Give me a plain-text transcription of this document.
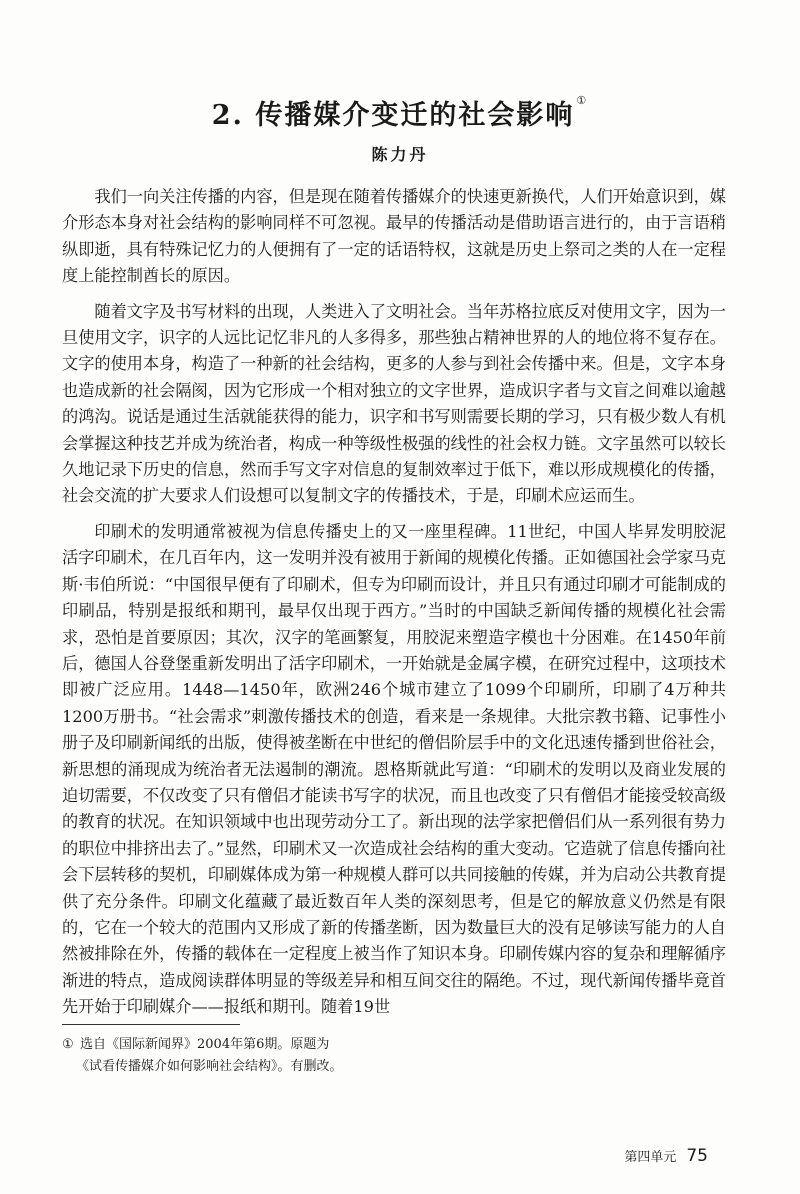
2. 传播媒介变迁的社会影响 ①
陈力丹

我们一向关注传播的内容，但是现在随着传播媒介的快速更新换代，人们开始意识到，媒介形态本身对社会结构的影响同样不可忽视。最早的传播活动是借助语言进行的，由于言语稍纵即逝，具有特殊记忆力的人便拥有了一定的话语特权，这就是历史上祭司之类的人在一定程度上能控制酋长的原因。

随着文字及书写材料的出现，人类进入了文明社会。当年苏格拉底反对使用文字，因为一旦使用文字，识字的人远比记忆非凡的人多得多，那些独占精神世界的人的地位将不复存在。文字的使用本身，构造了一种新的社会结构，更多的人参与到社会传播中来。但是，文字本身也造成新的社会隔阂，因为它形成一个相对独立的文字世界，造成识字者与文盲之间难以逾越的鸿沟。说话是通过生活就能获得的能力，识字和书写则需要长期的学习，只有极少数人有机会掌握这种技艺并成为统治者，构成一种等级性极强的线性的社会权力链。文字虽然可以较长久地记录下历史的信息，然而手写文字对信息的复制效率过于低下，难以形成规模化的传播，社会交流的扩大要求人们设想可以复制文字的传播技术，于是，印刷术应运而生。

印刷术的发明通常被视为信息传播史上的又一座里程碑。11世纪，中国人毕昇发明胶泥活字印刷术，在几百年内，这一发明并没有被用于新闻的规模化传播。正如德国社会学家马克斯·韦伯所说：“中国很早便有了印刷术，但专为印刷而设计，并且只有通过印刷才可能制成的印刷品，特别是报纸和期刊，最早仅出现于西方。”当时的中国缺乏新闻传播的规模化社会需求，恐怕是首要原因；其次，汉字的笔画繁复，用胶泥来塑造字模也十分困难。在1450年前后，德国人谷登堡重新发明出了活字印刷术，一开始就是金属字模，在研究过程中，这项技术即被广泛应用。1448—1450年，欧洲246个城市建立了1099个印刷所，印刷了4万种共1200万册书。“社会需求”刺激传播技术的创造，看来是一条规律。大批宗教书籍、记事性小册子及印刷新闻纸的出版，使得被垄断在中世纪的僧侣阶层手中的文化迅速传播到世俗社会，新思想的涌现成为统治者无法遏制的潮流。恩格斯就此写道：“印刷术的发明以及商业发展的迫切需要，不仅改变了只有僧侣才能读书写字的状况，而且也改变了只有僧侣才能接受较高级的教育的状况。在知识领域中也出现劳动分工了。新出现的法学家把僧侣们从一系列很有势力的职位中排挤出去了。”显然，印刷术又一次造成社会结构的重大变动。它造就了信息传播向社会下层转移的契机，印刷媒体成为第一种规模人群可以共同接触的传媒，并为启动公共教育提供了充分条件。印刷文化蕴藏了最近数百年人类的深刻思考，但是它的解放意义仍然是有限的，它在一个较大的范围内又形成了新的传播垄断，因为数量巨大的没有足够读写能力的人自然被排除在外，传播的载体在一定程度上被当作了知识本身。印刷传媒内容的复杂和理解循序渐进的特点，造成阅读群体明显的等级差异和相互间交往的隔绝。不过，现代新闻传播毕竟首先开始于印刷媒介——报纸和期刊。随着19世

① 选自《国际新闻界》2004年第6期。原题为
《试看传播媒介如何影响社会结构》。有删改。
第四单元 75
